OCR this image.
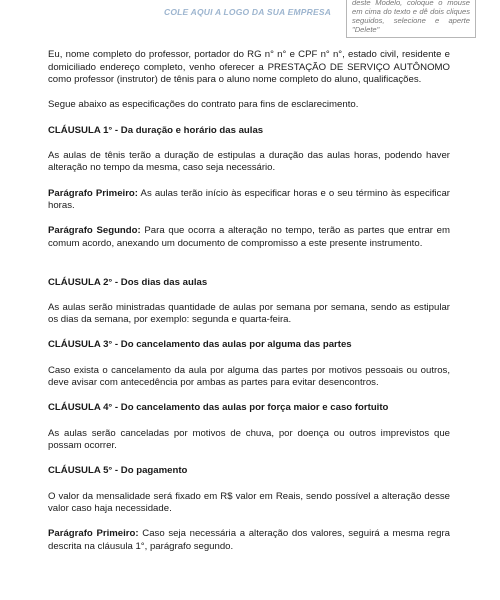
COLE AQUI A LOGO DA SUA EMPRESA
deste Modelo, coloque o mouse em cima do texto e dê dois cliques seguidos, selecione e aperte "Delete"

Eu, nome completo do professor, portador do RG n° n° e CPF n° n°, estado civil, residente e domiciliado endereço completo, venho oferecer a PRESTAÇÃO DE SERVIÇO AUTÔNOMO como professor (instrutor) de tênis para o aluno nome completo do aluno, qualificações.

Segue abaixo as especificações do contrato para fins de esclarecimento.

CLÁUSULA 1° - Da duração e horário das aulas

As aulas de tênis terão a duração de estipulas a duração das aulas horas, podendo haver alteração no tempo da mesma, caso seja necessário.

Parágrafo Primeiro: As aulas terão início às especificar horas e o seu término às especificar horas.

Parágrafo Segundo: Para que ocorra a alteração no tempo, terão as partes que entrar em comum acordo, anexando um documento de compromisso a este presente instrumento.

CLÁUSULA 2° - Dos dias das aulas

As aulas serão ministradas quantidade de aulas por semana por semana, sendo as estipular os dias da semana, por exemplo: segunda e quarta-feira.

CLÁUSULA 3° - Do cancelamento das aulas por alguma das partes

Caso exista o cancelamento da aula por alguma das partes por motivos pessoais ou outros, deve avisar com antecedência por ambas as partes para evitar desencontros.

CLÁUSULA 4° - Do cancelamento das aulas por força maior e caso fortuito

As aulas serão canceladas por motivos de chuva, por doença ou outros imprevistos que possam ocorrer.

CLÁUSULA 5° - Do pagamento

O valor da mensalidade será fixado em R$ valor em Reais, sendo possível a alteração desse valor caso haja necessidade.

Parágrafo Primeiro: Caso seja necessária a alteração dos valores, seguirá a mesma regra descrita na cláusula 1°, parágrafo segundo.
